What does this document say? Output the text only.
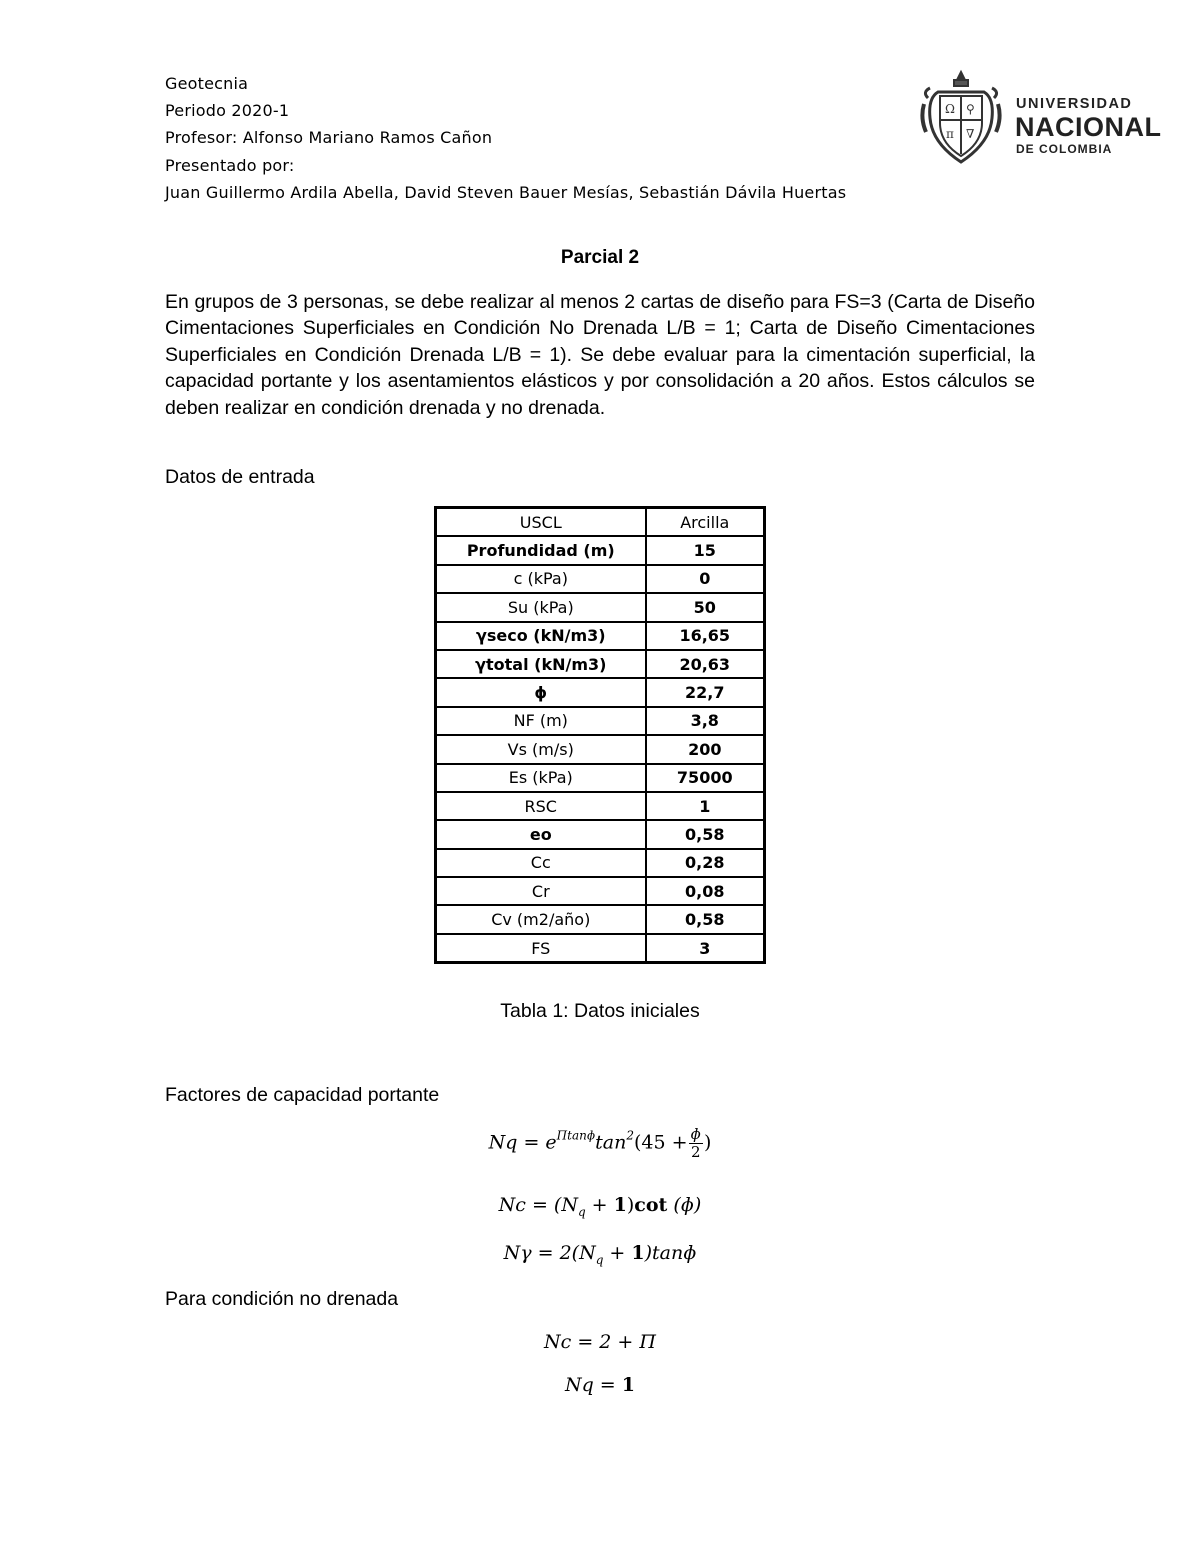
Geotecnia
Periodo 2020-1
Profesor: Alfonso Mariano Ramos Cañon
Presentado por:
Juan Guillermo Ardila Abella, David Steven Bauer Mesías, Sebastián Dávila Huertas
Ω ⚲
π ∇
UNIVERSIDAD
NACIONAL
DE COLOMBIA
Parcial 2
En grupos de 3 personas, se debe realizar al menos 2 cartas de diseño para FS=3 (Carta de Diseño Cimentaciones Superficiales en Condición No Drenada L/B = 1; Carta de Diseño Cimentaciones Superficiales en Condición Drenada L/B = 1). Se debe evaluar para la cimentación superficial, la capacidad portante y los asentamientos elásticos y por consolidación a 20 años. Estos cálculos se deben realizar en condición drenada y no drenada.
Datos de entrada
USCL	Arcilla
Profundidad (m)	15
c (kPa)	0
Su (kPa)	50
γseco (kN/m3)	16,65
γtotal (kN/m3)	20,63
ɸ	22,7
NF (m)	3,8
Vs (m/s)	200
Es (kPa)	75000
RSC	1
eo	0,58
Cc	0,28
Cr	0,08
Cv (m2/año)	0,58
FS	3
Tabla 1: Datos iniciales
Factores de capacidad portante
$Nq = e^{\Pi tanɸ}\tan^2(45 + \frac{\text{ɸ}}{2}$ )
$Nc = (N_q + 1)\cot$ (ɸ)
$N\gamma = 2(N_q$ + 1)tanɸ
Para condición no drenada
Nc = 2 + Π
Nq = 1
